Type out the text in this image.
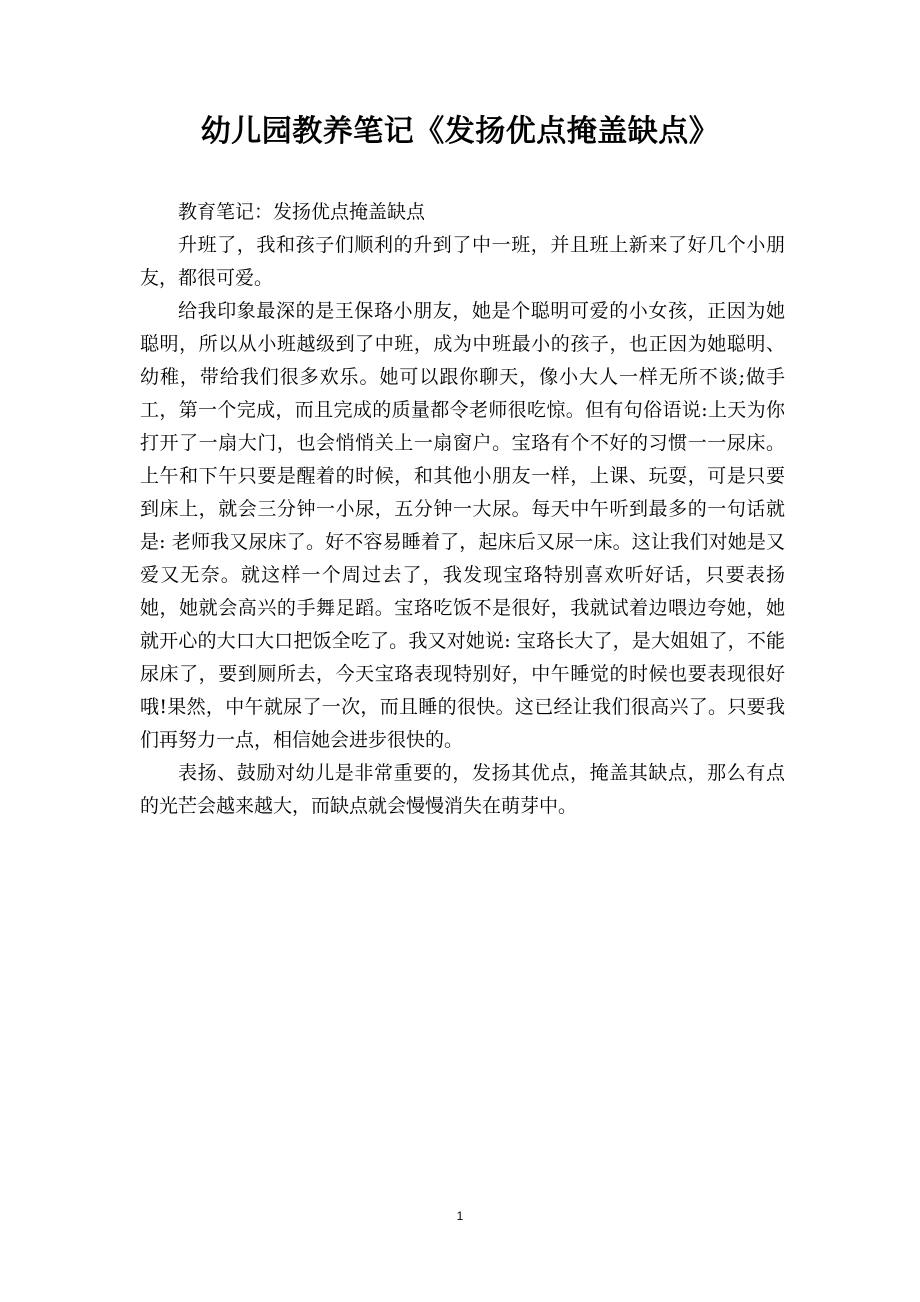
幼儿园教养笔记《发扬优点掩盖缺点》

教育笔记：发扬优点掩盖缺点

升班了，我和孩子们顺利的升到了中一班，并且班上新来了好几个小朋友，都很可爱。

给我印象最深的是王保珞小朋友，她是个聪明可爱的小女孩，正因为她聪明，所以从小班越级到了中班，成为中班最小的孩子，也正因为她聪明、幼稚，带给我们很多欢乐。她可以跟你聊天，像小大人一样无所不谈;做手工，第一个完成，而且完成的质量都令老师很吃惊。但有句俗语说:上天为你打开了一扇大门，也会悄悄关上一扇窗户。宝珞有个不好的习惯一一尿床。上午和下午只要是醒着的时候，和其他小朋友一样，上课、玩耍，可是只要到床上，就会三分钟一小尿，五分钟一大尿。每天中午听到最多的一句话就是: 老师我又尿床了。好不容易睡着了，起床后又尿一床。这让我们对她是又爱又无奈。就这样一个周过去了，我发现宝珞特别喜欢听好话，只要表扬她，她就会高兴的手舞足蹈。宝珞吃饭不是很好，我就试着边喂边夸她，她就开心的大口大口把饭全吃了。我又对她说: 宝珞长大了，是大姐姐了，不能尿床了，要到厕所去，今天宝珞表现特别好，中午睡觉的时候也要表现很好哦!果然，中午就尿了一次，而且睡的很快。这已经让我们很高兴了。只要我们再努力一点，相信她会进步很快的。

表扬、鼓励对幼儿是非常重要的，发扬其优点，掩盖其缺点，那么有点的光芒会越来越大，而缺点就会慢慢消失在萌芽中。

1
